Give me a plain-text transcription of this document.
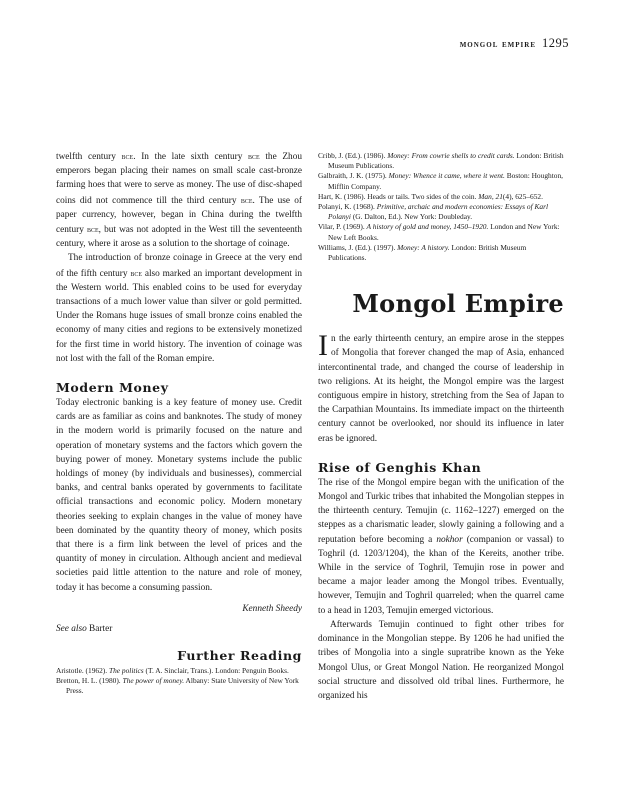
mongol empire 1295

twelfth century bce. In the late sixth century bce the Zhou emperors began placing their names on small scale cast-bronze farming hoes that were to serve as money. The use of disc-shaped coins did not commence till the third century bce. The use of paper currency, however, began in China during the twelfth century bce, but was not adopted in the West till the seventeenth century, where it arose as a solution to the shortage of coinage.

The introduction of bronze coinage in Greece at the very end of the fifth century bce also marked an important development in the Western world. This enabled coins to be used for everyday transactions of a much lower value than silver or gold permitted. Under the Romans huge issues of small bronze coins enabled the economy of many cities and regions to be extensively monetized for the first time in world history. The invention of coinage was not lost with the fall of the Roman empire.

Modern Money

Today electronic banking is a key feature of money use. Credit cards are as familiar as coins and banknotes. The study of money in the modern world is primarily focused on the nature and operation of monetary systems and the factors which govern the buying power of money. Monetary systems include the public holdings of money (by individuals and businesses), commercial banks, and central banks operated by governments to facilitate official transactions and economic policy. Modern monetary theories seeking to explain changes in the value of money have been dominated by the quantity theory of money, which posits that there is a firm link between the level of prices and the quantity of money in circulation. Although ancient and medieval societies paid little attention to the nature and role of money, today it has become a consuming passion.

Kenneth Sheedy
See also Barter
Further Reading

Aristotle. (1962). The politics (T. A. Sinclair, Trans.). London: Penguin Books.

Bretton, H. L. (1980). The power of money. Albany: State University of New York Press.

Cribb, J. (Ed.). (1986). Money: From cowrie shells to credit cards. London: British Museum Publications.

Galbraith, J. K. (1975). Money: Whence it came, where it went. Boston: Houghton, Mifflin Company.

Hart, K. (1986). Heads or tails. Two sides of the coin. Man, 21(4), 625–652.

Polanyi, K. (1968). Primitive, archaic and modern economies: Essays of Karl Polanyi (G. Dalton, Ed.). New York: Doubleday.

Vilar, P. (1969). A history of gold and money, 1450–1920. London and New York: New Left Books.

Williams, J. (Ed.). (1997). Money: A history. London: British Museum Publications.

Mongol Empire

In the early thirteenth century, an empire arose in the steppes of Mongolia that forever changed the map of Asia, enhanced intercontinental trade, and changed the course of leadership in two religions. At its height, the Mongol empire was the largest contiguous empire in history, stretching from the Sea of Japan to the Carpathian Mountains. Its immediate impact on the thirteenth century cannot be overlooked, nor should its influence in later eras be ignored.

Rise of Genghis Khan

The rise of the Mongol empire began with the unification of the Mongol and Turkic tribes that inhabited the Mongolian steppes in the thirteenth century. Temujin (c. 1162–1227) emerged on the steppes as a charismatic leader, slowly gaining a following and a reputation before becoming a nokhor (companion or vassal) to Toghril (d. 1203/1204), the khan of the Kereits, another tribe. While in the service of Toghril, Temujin rose in power and became a major leader among the Mongol tribes. Eventually, however, Temujin and Toghril quarreled; when the quarrel came to a head in 1203, Temujin emerged victorious.

Afterwards Temujin continued to fight other tribes for dominance in the Mongolian steppe. By 1206 he had unified the tribes of Mongolia into a single supratribe known as the Yeke Mongol Ulus, or Great Mongol Nation. He reorganized Mongol social structure and dissolved old tribal lines. Furthermore, he organized his
